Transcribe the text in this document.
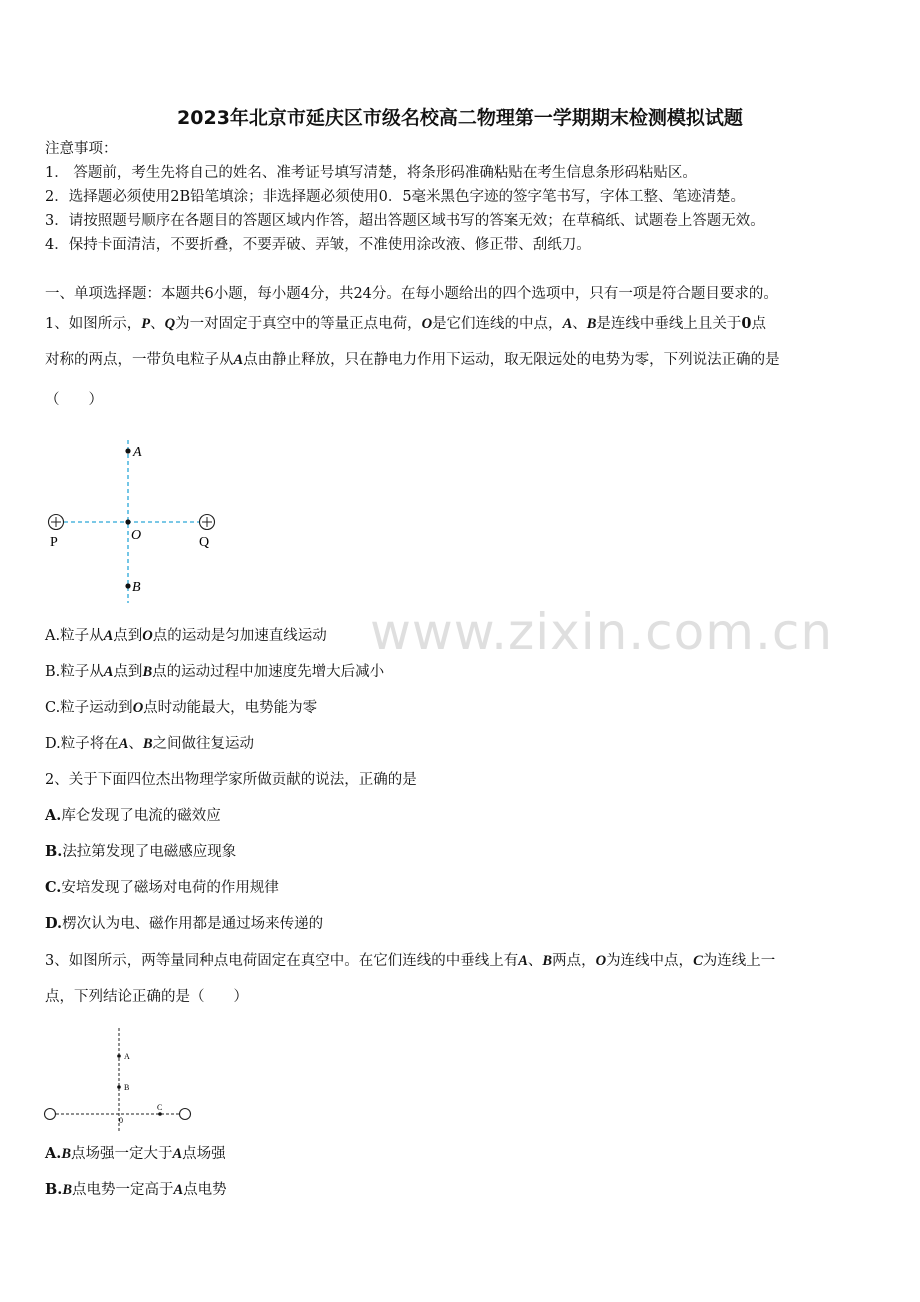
2023年北京市延庆区市级名校高二物理第一学期期末检测模拟试题
注意事项：
1． 答题前，考生先将自己的姓名、准考证号填写清楚，将条形码准确粘贴在考生信息条形码粘贴区。
2．选择题必须使用2B铅笔填涂；非选择题必须使用0．5毫米黑色字迹的签字笔书写，字体工整、笔迹清楚。
3．请按照题号顺序在各题目的答题区域内作答，超出答题区域书写的答案无效；在草稿纸、试题卷上答题无效。
4．保持卡面清洁，不要折叠，不要弄破、弄皱，不准使用涂改液、修正带、刮纸刀。
一、单项选择题：本题共6小题，每小题4分，共24分。在每小题给出的四个选项中，只有一项是符合题目要求的。
1、如图所示，P、Q为一对固定于真空中的等量正点电荷，O是它们连线的中点，A、B是连线中垂线上且关于0点
对称的两点，一带负电粒子从A点由静止释放，只在静电力作用下运动，取无限远处的电势为零，下列说法正确的是
（　　）
A
O
B
P	Q
A.粒子从A点到O点的运动是匀加速直线运动
B.粒子从A点到B点的运动过程中加速度先增大后减小
C.粒子运动到O点时动能最大，电势能为零
D.粒子将在A、B之间做往复运动
2、关于下面四位杰出物理学家所做贡献的说法，正确的是
A.库仑发现了电流的磁效应
B.法拉第发现了电磁感应现象
C.安培发现了磁场对电荷的作用规律
D.楞次认为电、磁作用都是通过场来传递的
3、如图所示，两等量同种点电荷固定在真空中。在它们连线的中垂线上有A、B两点，O为连线中点，C为连线上一
点，下列结论正确的是（　　）
A
B
C
0
A.B点场强一定大于A点场强
B.B点电势一定高于A点电势
www.zixin.com.cn
